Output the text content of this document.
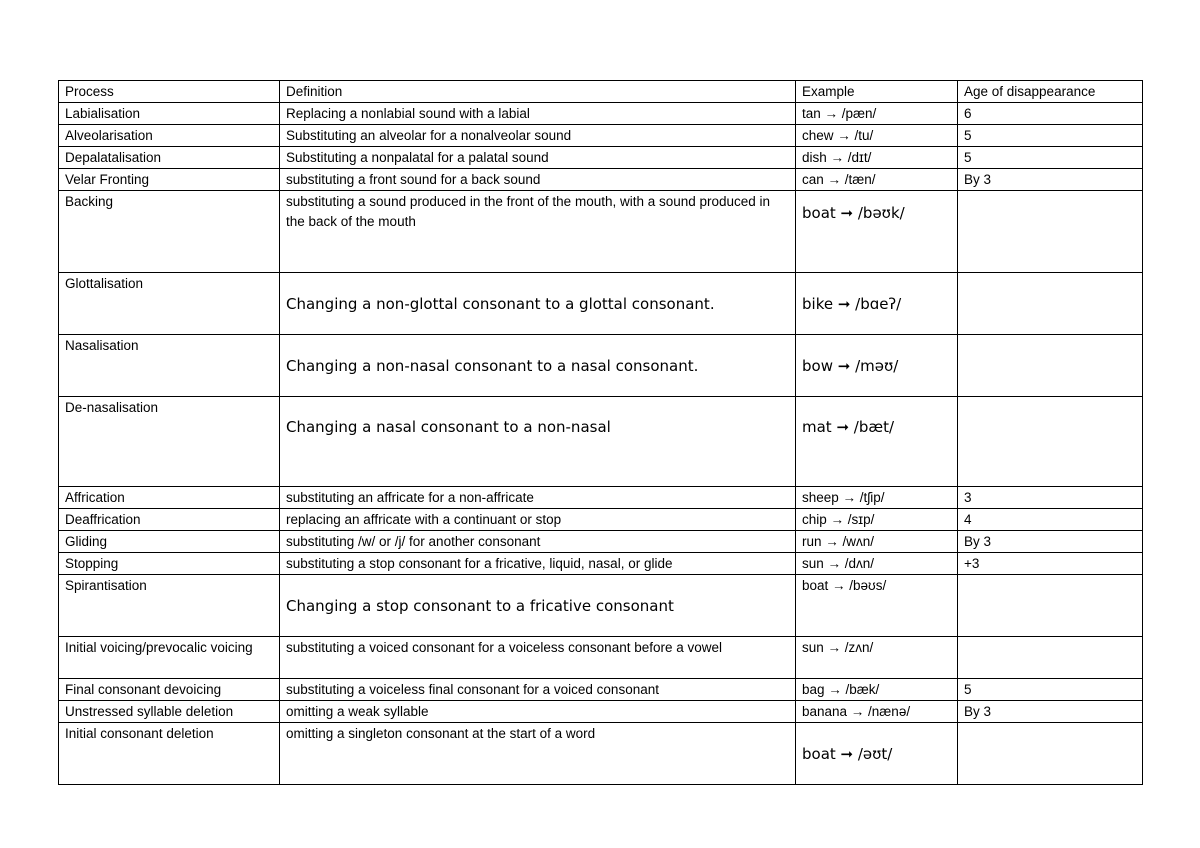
Process	Definition	Example	Age of disappearance
Labialisation	Replacing a nonlabial sound with a labial	tan → /pæn/	6
Alveolarisation	Substituting an alveolar for a nonalveolar sound	chew → /tu/	5
Depalatalisation	Substituting a nonpalatal for a palatal sound	dish → /dɪt/	5
Velar Fronting	substituting a front sound for a back sound	can → /tæn/	By 3
Backing	substituting a sound produced in the front of the mouth, with a sound produced in the back of the mouth	boat ➞ /bəʊk/	
Glottalisation	Changing a non-glottal consonant to a glottal consonant.	bike ➞ /bɑeʔ/	
Nasalisation	Changing a non-nasal consonant to a nasal consonant.	bow ➞ /məʊ/	
De-nasalisation	Changing a nasal consonant to a non-nasal	mat ➞ /bæt/	
Affrication	substituting an affricate for a non-affricate	sheep → /tʃip/	3
Deaffrication	replacing an affricate with a continuant or stop	chip → /sɪp/	4
Gliding	substituting /w/ or /j/ for another consonant	run → /wʌn/	By 3
Stopping	substituting a stop consonant for a fricative, liquid, nasal, or glide	sun → /dʌn/	+3
Spirantisation	Changing a stop consonant to a fricative consonant	boat → /bəʊs/	
Initial voicing/prevocalic voicing	substituting a voiced consonant for a voiceless consonant before a vowel	sun → /zʌn/	
Final consonant devoicing	substituting a voiceless final consonant for a voiced consonant	bag → /bæk/	5
Unstressed syllable deletion	omitting a weak syllable	banana → /nænə/	By 3
Initial consonant deletion	omitting a singleton consonant at the start of a word	boat ➞ /əʊt/	
